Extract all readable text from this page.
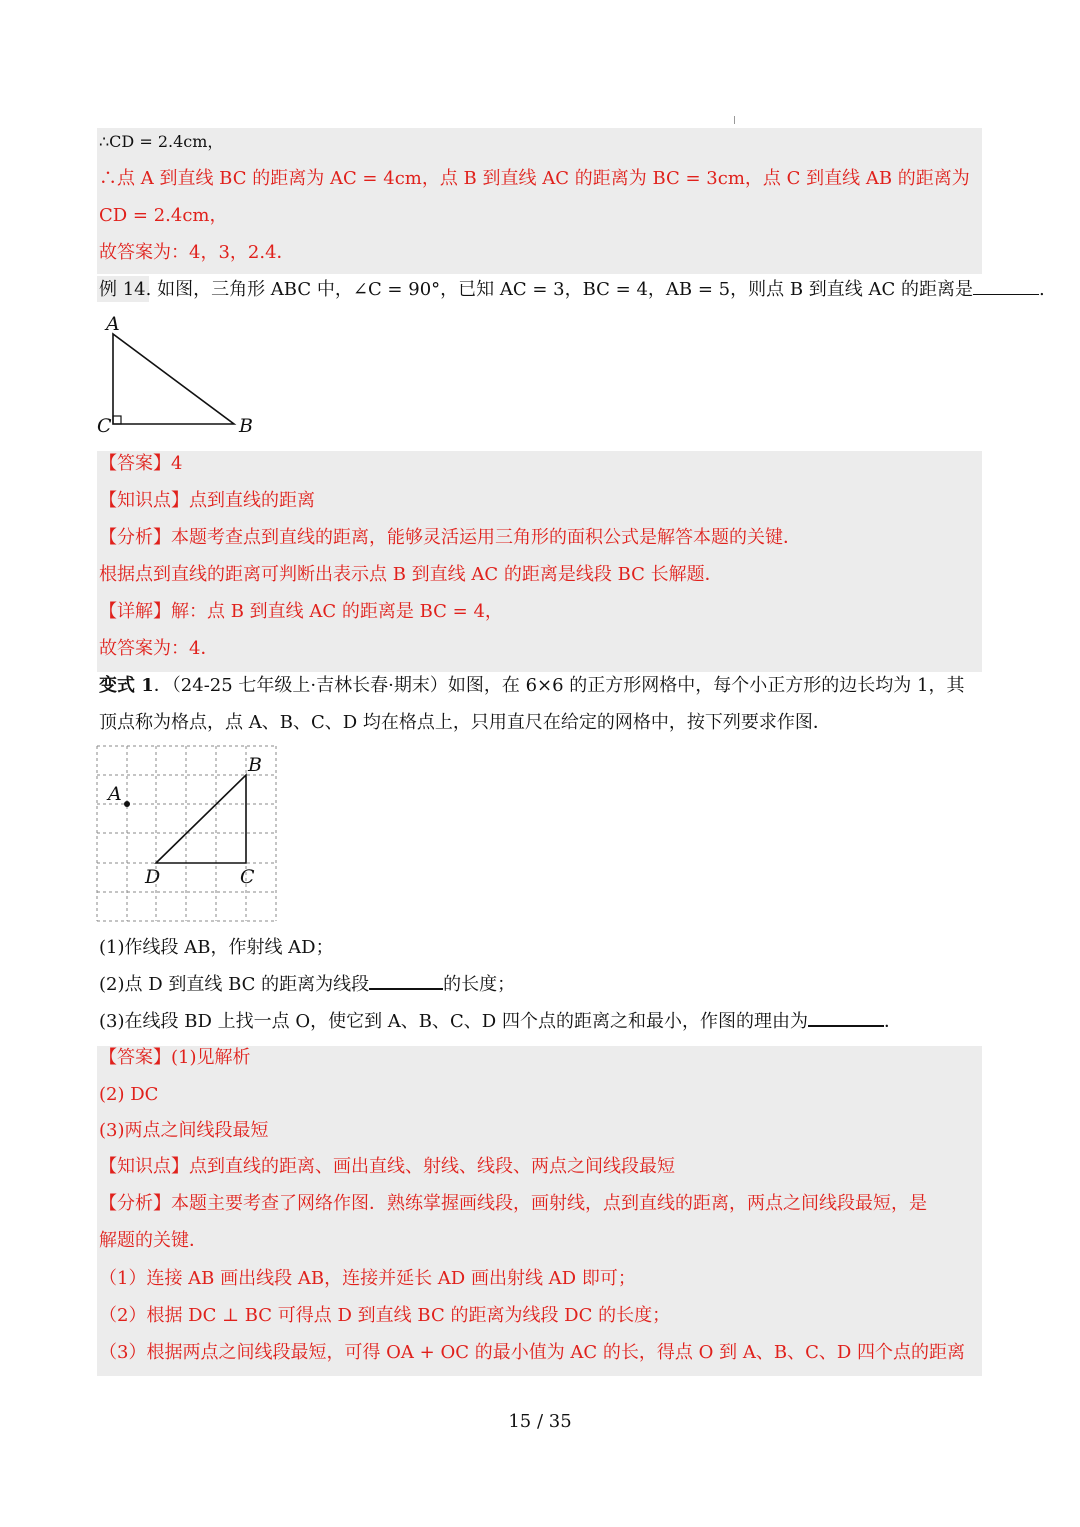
∴CD = 2.4cm，
∴点 A 到直线 BC 的距离为 AC = 4cm，点 B 到直线 AC 的距离为 BC = 3cm，点 C 到直线 AB 的距离为
CD = 2.4cm，
故答案为：4，3，2.4．
例 14. 如图，三角形 ABC 中，∠C = 90°，已知 AC = 3，BC = 4，AB = 5，则点 B 到直线 AC 的距离是	.
A
C	B
【答案】4
【知识点】点到直线的距离
【分析】本题考查点到直线的距离，能够灵活运用三角形的面积公式是解答本题的关键．
根据点到直线的距离可判断出表示点 B 到直线 AC 的距离是线段 BC 长解题．
【详解】解：点 B 到直线 AC 的距离是 BC = 4，
故答案为：4．
变式 1．（24-25 七年级上·吉林长春·期末）如图，在 6×6 的正方形网格中，每个小正方形的边长均为 1，其
顶点称为格点，点 A、B、C、D 均在格点上，只用直尺在给定的网格中，按下列要求作图．
A
B
D	C
(1)作线段 AB，作射线 AD；
(2)点 D 到直线 BC 的距离为线段	的长度；
(3)在线段 BD 上找一点 O，使它到 A、B、C、D 四个点的距离之和最小，作图的理由为	．
【答案】(1)见解析
(2) DC
(3)两点之间线段最短
【知识点】点到直线的距离、画出直线、射线、线段、两点之间线段最短
【分析】本题主要考查了网络作图．熟练掌握画线段，画射线，点到直线的距离，两点之间线段最短，是
解题的关键．
（1）连接 AB 画出线段 AB，连接并延长 AD 画出射线 AD 即可；
（2）根据 DC ⊥ BC 可得点 D 到直线 BC 的距离为线段 DC 的长度；
（3）根据两点之间线段最短，可得 OA + OC 的最小值为 AC 的长，得点 O 到 A、B、C、D 四个点的距离
15 / 35
